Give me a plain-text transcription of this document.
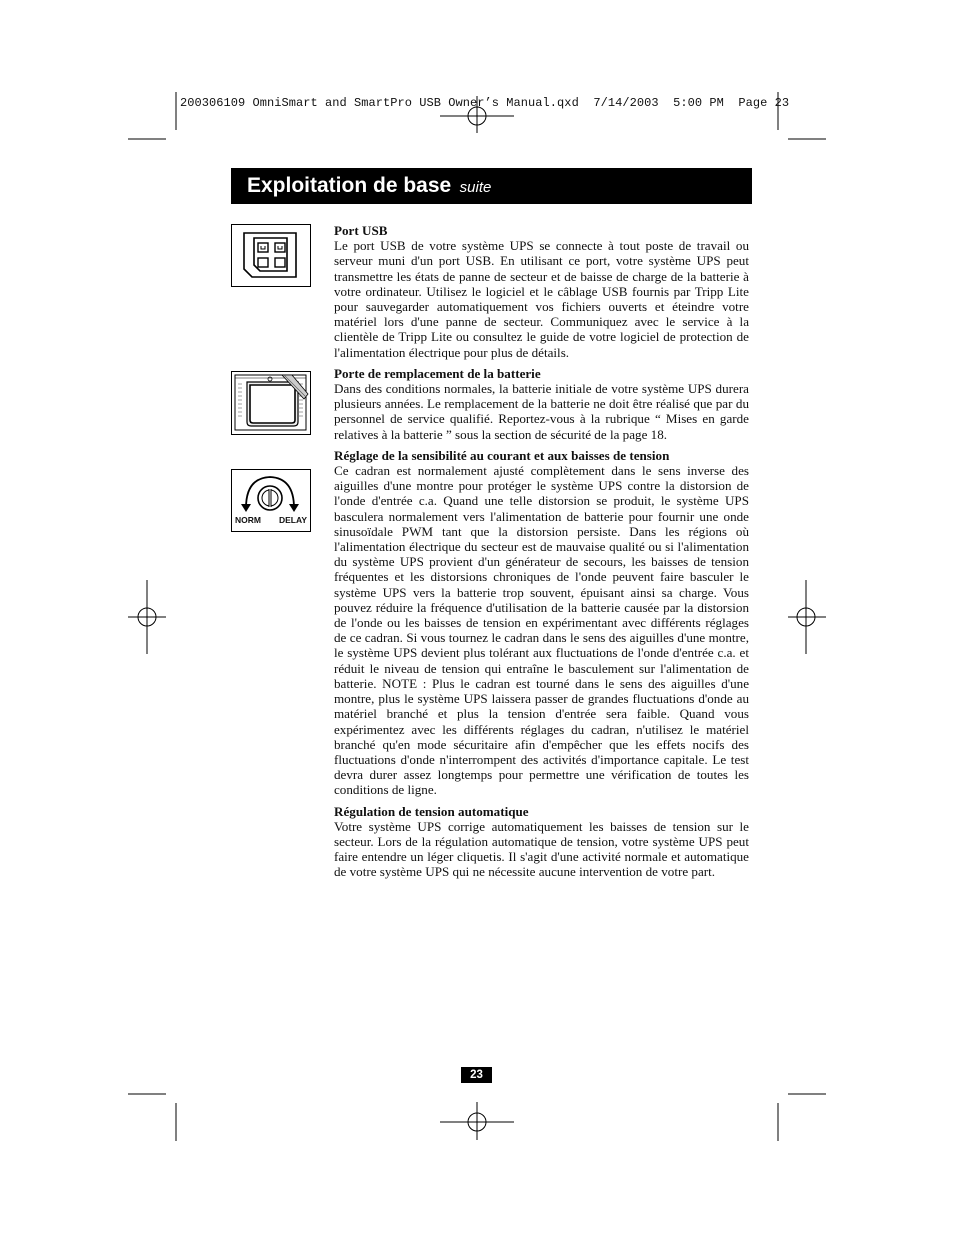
200306109 OmniSmart and SmartPro USB Owner’s Manual.qxd  7/14/2003  5:00 PM  Page 23
Exploitation de base suite
NORM DELAY
Port USB

Le port USB de votre système UPS se connecte à tout poste de travail ou serveur muni d'un port USB. En utilisant ce port, votre système UPS peut transmettre les états de panne de secteur et de baisse de charge de la batterie à votre ordinateur. Utilisez le logiciel et le câblage USB fournis par Tripp Lite pour sauvegarder automatiquement vos fichiers ouverts et éteindre votre matériel lors d'une panne de secteur. Communiquez avec le service à la clientèle de Tripp Lite ou consultez le guide de votre logiciel de protection de l'alimentation électrique pour plus de détails.

Porte de remplacement de la batterie

Dans des conditions normales, la batterie initiale de votre système UPS durera plusieurs années. Le remplacement de la batterie ne doit être réalisé que par du personnel de service qualifié. Reportez-vous à la rubrique “ Mises en garde relatives à la batterie ” sous la section de sécurité de la page 18.

Réglage de la sensibilité au courant et aux baisses de tension

Ce cadran est normalement ajusté complètement dans le sens inverse des aiguilles d'une montre pour protéger le système UPS contre la distorsion de l'onde d'entrée c.a. Quand une telle distorsion se produit, le système UPS basculera normalement vers l'alimentation de batterie pour fournir une onde sinusoïdale PWM tant que la distorsion persiste. Dans les régions où l'alimentation électrique du secteur est de mauvaise qualité ou si l'alimentation du système UPS provient d'un générateur de secours, les baisses de tension fréquentes et les distorsions chroniques de l'onde peuvent faire basculer le système UPS vers la batterie trop souvent, épuisant ainsi sa charge. Vous pouvez réduire la fréquence d'utilisation de la batterie causée par la distorsion de l'onde ou les baisses de tension en expérimentant avec différents réglages de ce cadran. Si vous tournez le cadran dans le sens des aiguilles d'une montre, le système UPS devient plus tolérant aux fluctuations de l'onde d'entrée c.a. et réduit le niveau de tension qui entraîne le basculement sur l'alimentation de batterie. NOTE : Plus le cadran est tourné dans le sens des aiguilles d'une montre, plus le système UPS laissera passer de grandes fluctuations d'onde au matériel branché et plus la tension d'entrée sera faible. Quand vous expérimentez avec les différents réglages du cadran, n'utilisez le matériel branché qu'en mode sécuritaire afin d'empêcher que les effets nocifs des fluctuations d'onde n'interrompent des activités d'importance capitale. Le test devra durer assez longtemps pour permettre une vérification de toutes les conditions de ligne.

Régulation de tension automatique

Votre système UPS corrige automatiquement les baisses de tension sur le secteur. Lors de la régulation automatique de tension, votre système UPS peut faire entendre un léger cliquetis. Il s'agit d'une activité normale et automatique de votre système UPS qui ne nécessite aucune intervention de votre part.

23
